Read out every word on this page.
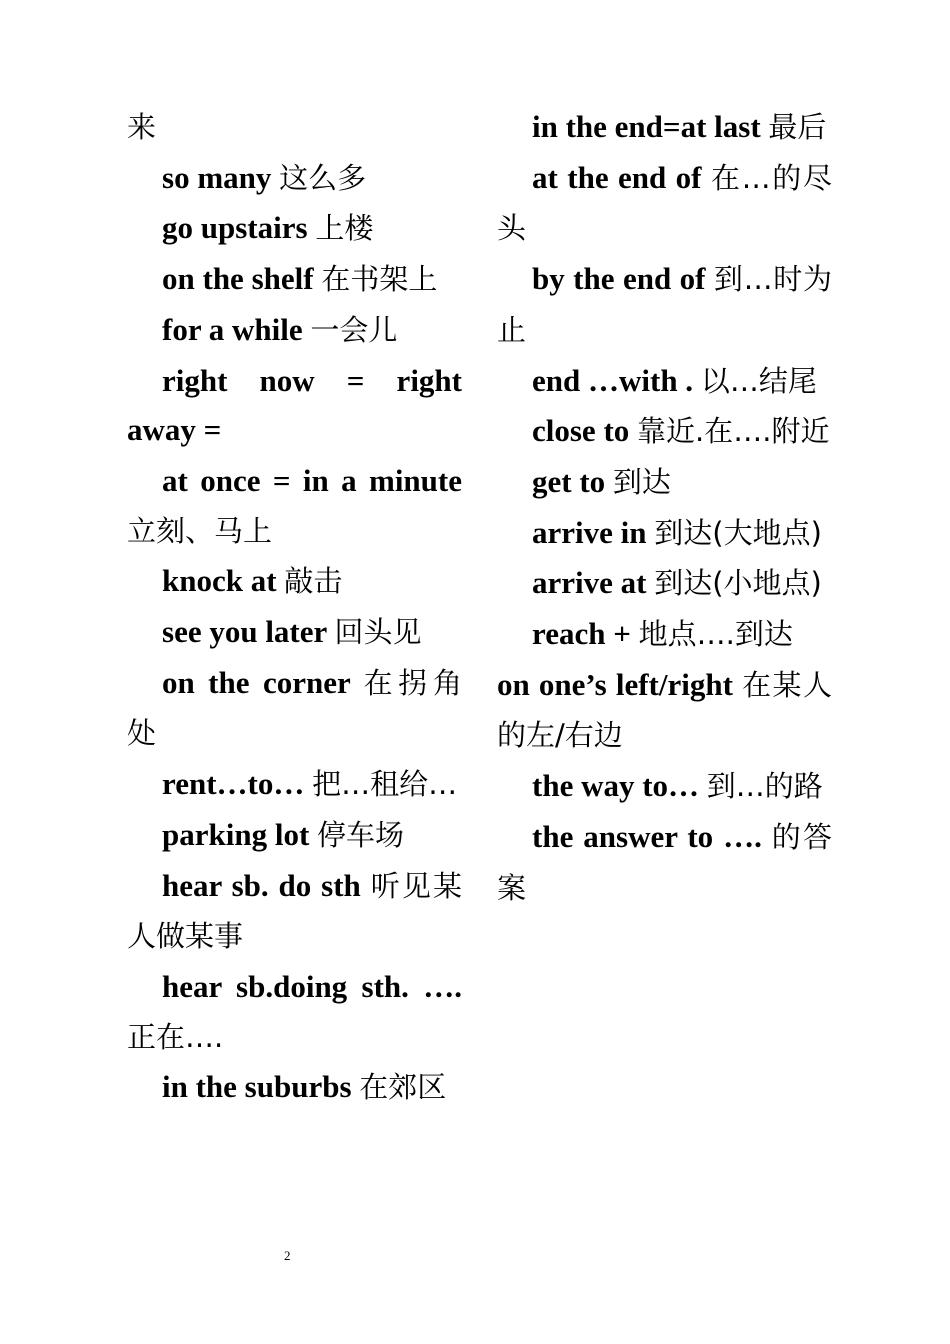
来

so many 这么多

go upstairs 上楼

on the shelf 在书架上

for a while 一会儿

right now = right away =

at once = in a minute 立刻、马上

knock at 敲击

see you later 回头见

on the corner 在拐角处

rent…to… 把…租给…

parking lot 停车场

hear sb. do sth 听见某人做某事

hear sb.doing sth. ….正在….

in the suburbs 在郊区

in the end=at last 最后

at the end of 在…的尽头

by the end of 到…时为止

end …with . 以…结尾

close to 靠近.在….附近

get to 到达

arrive in 到达(大地点)

arrive at 到达(小地点)

reach + 地点….到达

on one’s left/right 在某人的左/右边

the way to… 到…的路

the answer to …. 的答案

2
